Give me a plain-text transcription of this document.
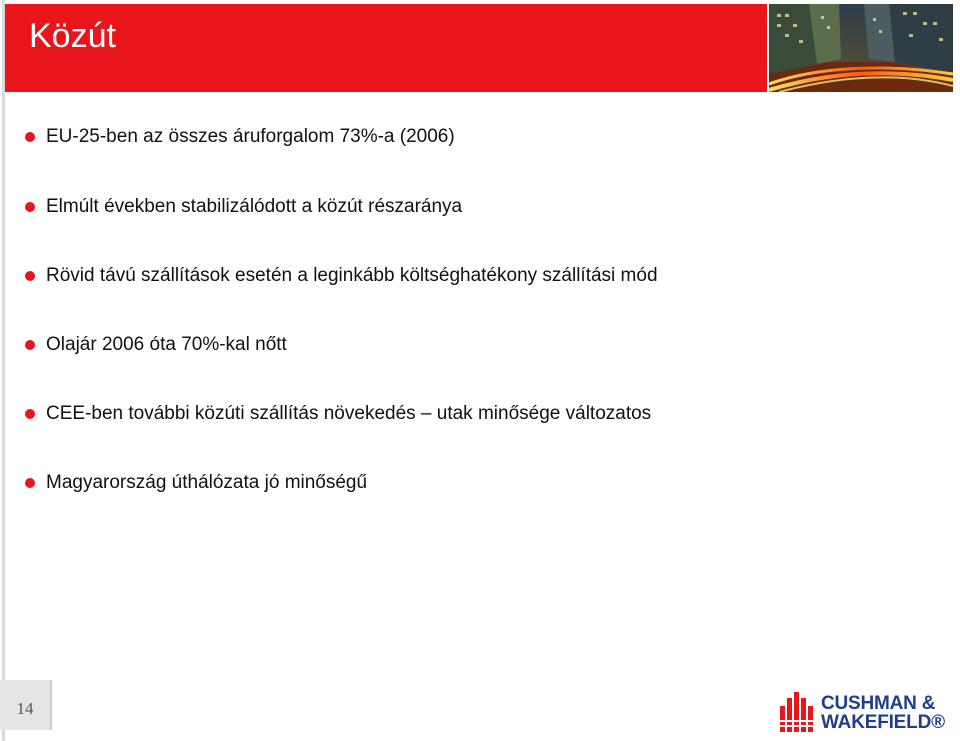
Közút
EU-25-ben az összes áruforgalom 73%-a (2006)
Elmúlt években stabilizálódott a közút részaránya
Rövid távú szállítások esetén a leginkább költséghatékony szállítási mód
Olajár 2006 óta 70%-kal nőtt
CEE-ben további közúti szállítás növekedés – utak minősége változatos
Magyarország úthálózata jó minőségű
14	CUSHMAN &
WAKEFIELD®
